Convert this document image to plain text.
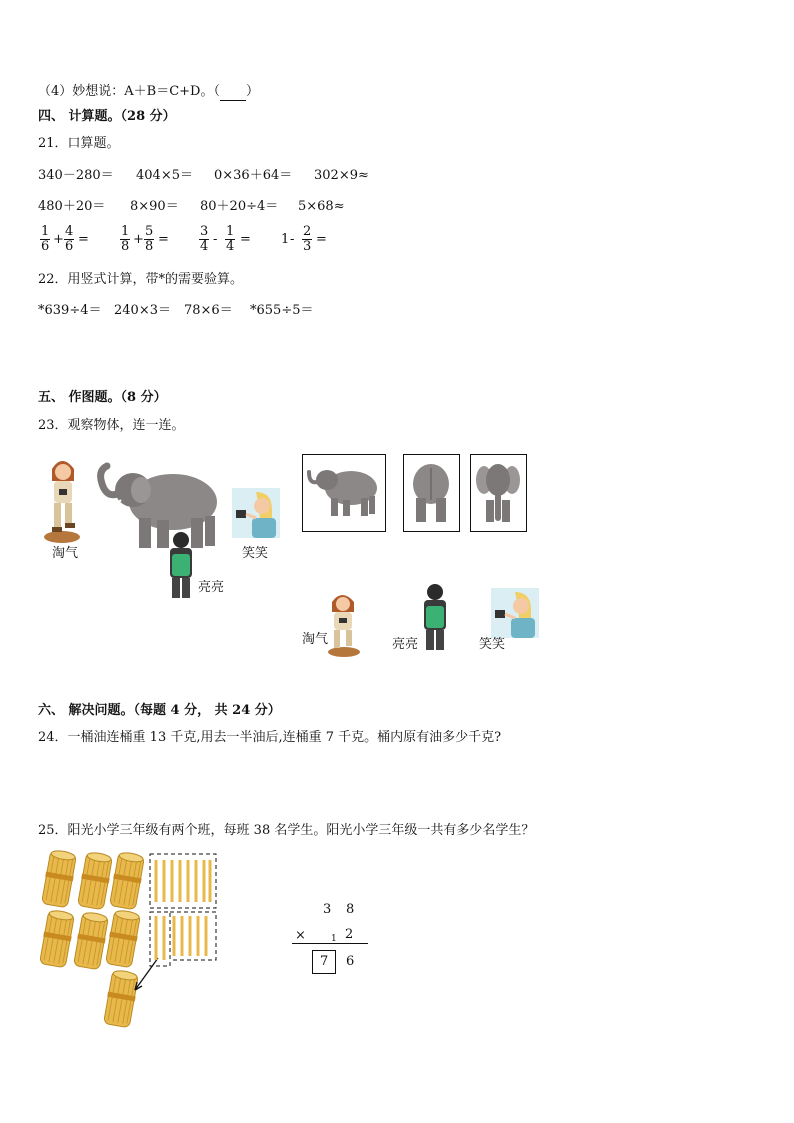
（4）妙想说：A＋B＝C+D。（ ）
四、 计算题。（28 分）
21．口算题。
340－280＝ 404×5＝ 0×36＋64＝ 302×9≈
480＋20＝ 8×90＝ 80＋20÷4＝ 5×68≈
$\frac{1}{6} + \frac{4}{6} = \frac{1}{8} + \frac{5}{8} = \frac{3}{4} - \frac{1}{4} = 1 - \frac{2}{3}$ =
22．用竖式计算，带*的需要验算。
*639÷4＝ 240×3＝ 78×6＝ *655÷5＝
五、 作图题。（8 分）
23．观察物体，连一连。
淘气
亮亮
笑笑
淘气	亮亮	笑笑
六、 解决问题。（每题 4 分， 共 24 分）
24．一桶油连桶重 13 千克,用去一半油后,连桶重 7 千克。桶内原有油多少千克?
25．阳光小学三年级有两个班，每班 38 名学生。阳光小学三年级一共有多少名学生？
3 8
×	1 2
7 6
